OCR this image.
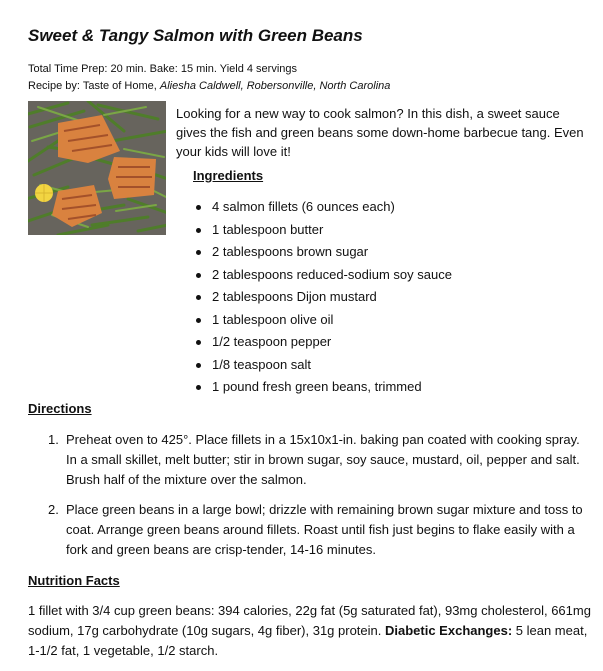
Sweet & Tangy Salmon with Green Beans
Total Time Prep: 20 min. Bake: 15 min. Yield 4 servings
Recipe by: Taste of Home, Aliesha Caldwell, Robersonville, North Carolina
Looking for a new way to cook salmon? In this dish, a sweet sauce gives the fish and green beans some down-home barbecue tang. Even your kids will love it!
Ingredients
4 salmon fillets (6 ounces each)
1 tablespoon butter
2 tablespoons brown sugar
2 tablespoons reduced-sodium soy sauce
2 tablespoons Dijon mustard
1 tablespoon olive oil
1/2 teaspoon pepper
1/8 teaspoon salt
1 pound fresh green beans, trimmed
Directions
1. Preheat oven to 425°. Place fillets in a 15x10x1-in. baking pan coated with cooking spray. In a small skillet, melt butter; stir in brown sugar, soy sauce, mustard, oil, pepper and salt. Brush half of the mixture over the salmon.
2. Place green beans in a large bowl; drizzle with remaining brown sugar mixture and toss to coat. Arrange green beans around fillets. Roast until fish just begins to flake easily with a fork and green beans are crisp-tender, 14-16 minutes.
Nutrition Facts
1 fillet with 3/4 cup green beans: 394 calories, 22g fat (5g saturated fat), 93mg cholesterol, 661mg sodium, 17g carbohydrate (10g sugars, 4g fiber), 31g protein. Diabetic Exchanges: 5 lean meat, 1-1/2 fat, 1 vegetable, 1/2 starch.
